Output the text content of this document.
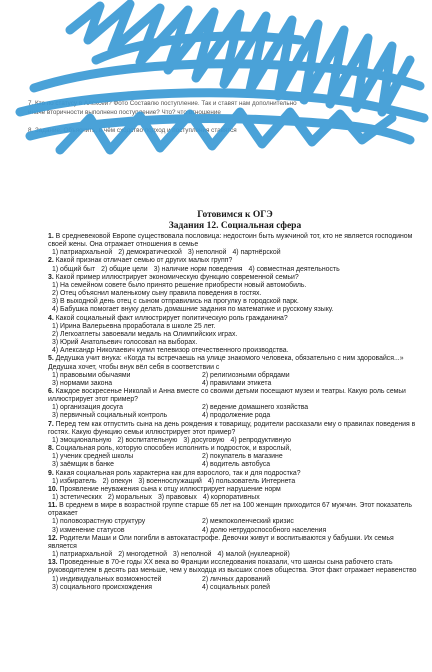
7. Кто по статусу в Алексей? Фото Составлю поступление. Так и ставят нам дополнительно
иначе вторичности выполнено поступление? Что? что отношение
8. Задание. Объяснить, в чём сходство подход и поступления ставятся
Готовимся к ОГЭ
Задания 12. Социальная сфера

1. В средневековой Европе существовала пословица: недостоин быть мужчиной тот, кто не является господином своей жены. Она отражает отношения в семье

1) патриархальной 2) демократической 3) неполной 4) партнёрской

2. Какой признак отличает семью от других малых групп?

1) общий быт 2) общие цели 3) наличие норм поведения 4) совместная деятельность

3. Какой пример иллюстрирует экономическую функцию современной семьи?

1) На семейном совете было принято решение приобрести новый автомобиль.
2) Отец объяснил маленькому сыну правила поведения в гостях.
3) В выходной день отец с сыном отправились на прогулку в городской парк.
4) Бабушка помогает внуку делать домашние задания по математике и русскому языку.

4. Какой социальный факт иллюстрирует политическую роль гражданина?

1) Ирина Валерьевна проработала в школе 25 лет.
2) Легкоатлеты завоевали медаль на Олимпийских играх.
3) Юрий Анатольевич голосовал на выборах.
4) Александр Николаевич купил телевизор отечественного производства.

5. Дедушка учит внука: «Когда ты встречаешь на улице знакомого человека, обязательно с ним здоровайся...» Дедушка хочет, чтобы внук вёл себя в соответствии с

1) правовыми обычаями	2) религиозными обрядами
3) нормами закона	4) правилами этикета

6. Каждое воскресенье Николай и Анна вместе со своими детьми посещают музеи и театры. Какую роль семьи иллюстрирует этот пример?

1) организация досуга	2) ведение домашнего хозяйства
3) первичный социальный контроль	4) продолжение рода

7. Перед тем как отпустить сына на день рождения к товарищу, родители рассказали ему о правилах поведения в гостях. Какую функцию семьи иллюстрирует этот пример?

1) эмоциональную 2) воспитательную 3) досуговую 4) репродуктивную

8. Социальная роль, которую способен исполнить и подросток, и взрослый,

1) ученик средней школы	2) покупатель в магазине
3) заёмщик в банке	4) водитель автобуса

9. Какая социальная роль характерна как для взрослого, так и для подростка?

1) избиратель 2) опекун 3) военнослужащий 4) пользователь Интернета

10. Проявление неуважения сына к отцу иллюстрирует нарушение норм

1) эстетических 2) моральных 3) правовых 4) корпоративных

11. В среднем в мире в возрастной группе старше 65 лет на 100 женщин приходится 67 мужчин. Этот показатель отражает

1) половозрастную структуру	2) межпоколенческий кризис
3) изменение статусов	4) долю нетрудоспособного населения

12. Родители Маши и Оли погибли в автокатастрофе. Девочки живут и воспитываются у бабушки. Их семья является

1) патриархальной 2) многодетной 3) неполной 4) малой (нуклеарной)

13. Проведенные в 70-е годы XX века во Франции исследования показали, что шансы сына рабочего стать руководителем в десять раз меньше, чем у выходца из высших слоев общества. Этот факт отражает неравенство

1) индивидуальных возможностей	2) личных дарований
3) социального происхождения	4) социальных ролей
